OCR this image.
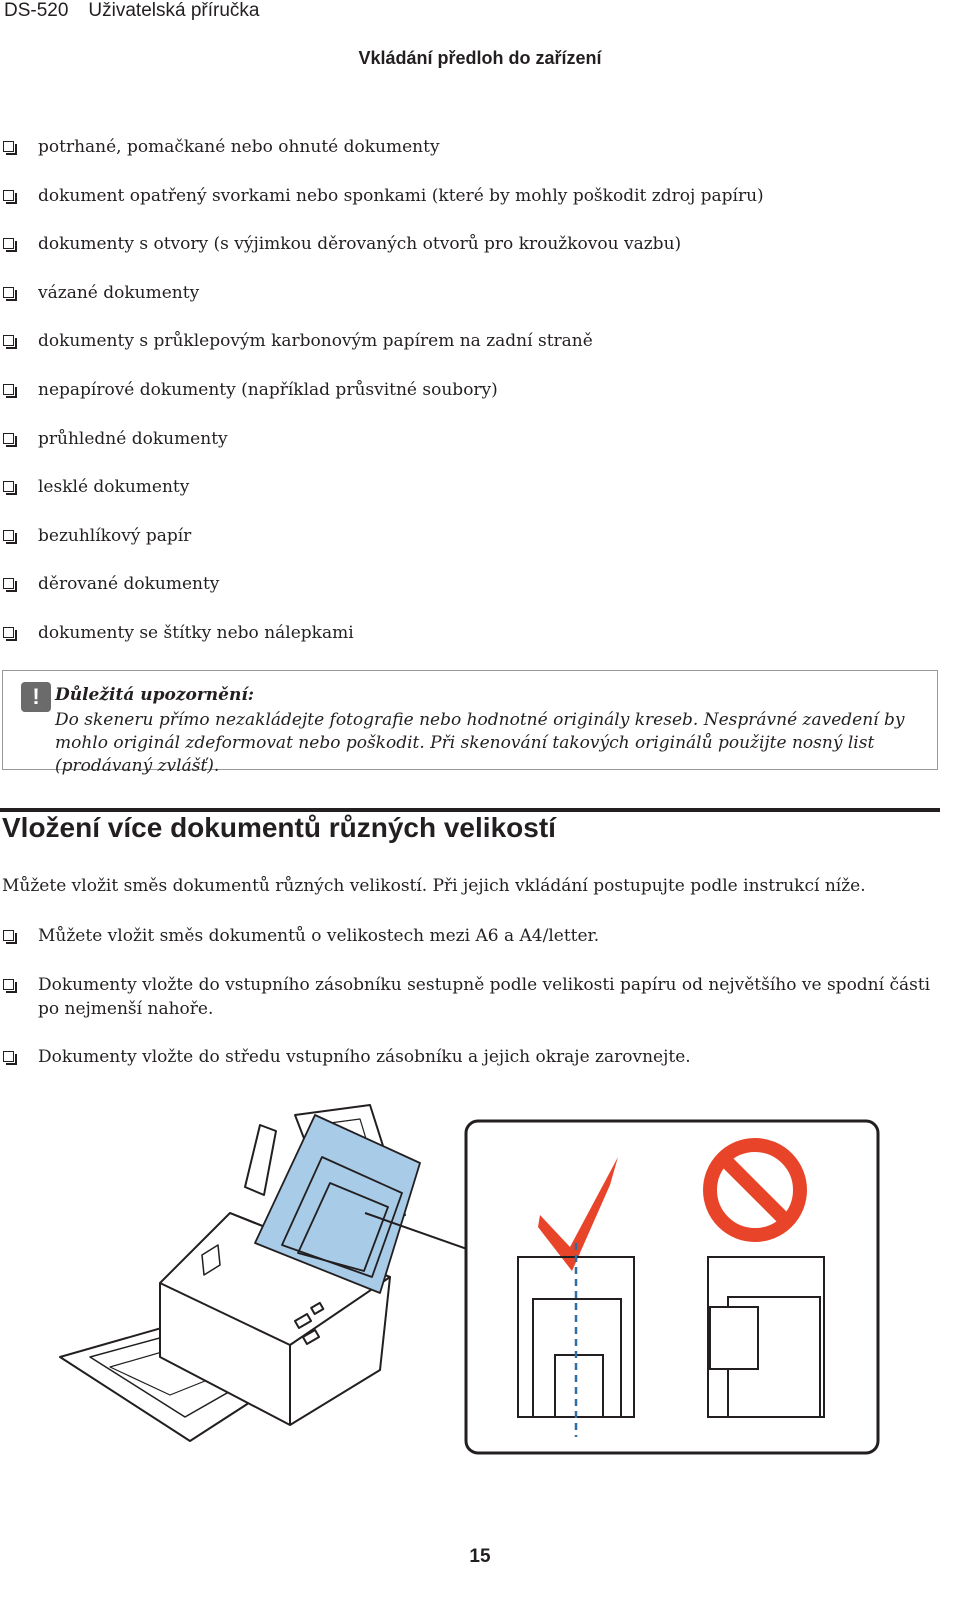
DS-520 Uživatelská příručka
Vkládání předloh do zařízení
potrhané, pomačkané nebo ohnuté dokumenty
dokument opatřený svorkami nebo sponkami (které by mohly poškodit zdroj papíru)
dokumenty s otvory (s výjimkou děrovaných otvorů pro kroužkovou vazbu)
vázané dokumenty
dokumenty s průklepovým karbonovým papírem na zadní straně
nepapírové dokumenty (například průsvitné soubory)
průhledné dokumenty
lesklé dokumenty
bezuhlíkový papír
děrované dokumenty
dokumenty se štítky nebo nálepkami
! Důležitá upozornění:
Do skeneru přímo nezakládejte fotografie nebo hodnotné originály kreseb. Nesprávné zavedení by mohlo originál zdeformovat nebo poškodit. Při skenování takových originálů použijte nosný list (prodávaný zvlášť).
Vložení více dokumentů různých velikostí
Můžete vložit směs dokumentů různých velikostí. Při jejich vkládání postupujte podle instrukcí níže.
Můžete vložit směs dokumentů o velikostech mezi A6 a A4/letter.
Dokumenty vložte do vstupního zásobníku sestupně podle velikosti papíru od největšího ve spodní části po nejmenší nahoře.
Dokumenty vložte do středu vstupního zásobníku a jejich okraje zarovnejte.
15
